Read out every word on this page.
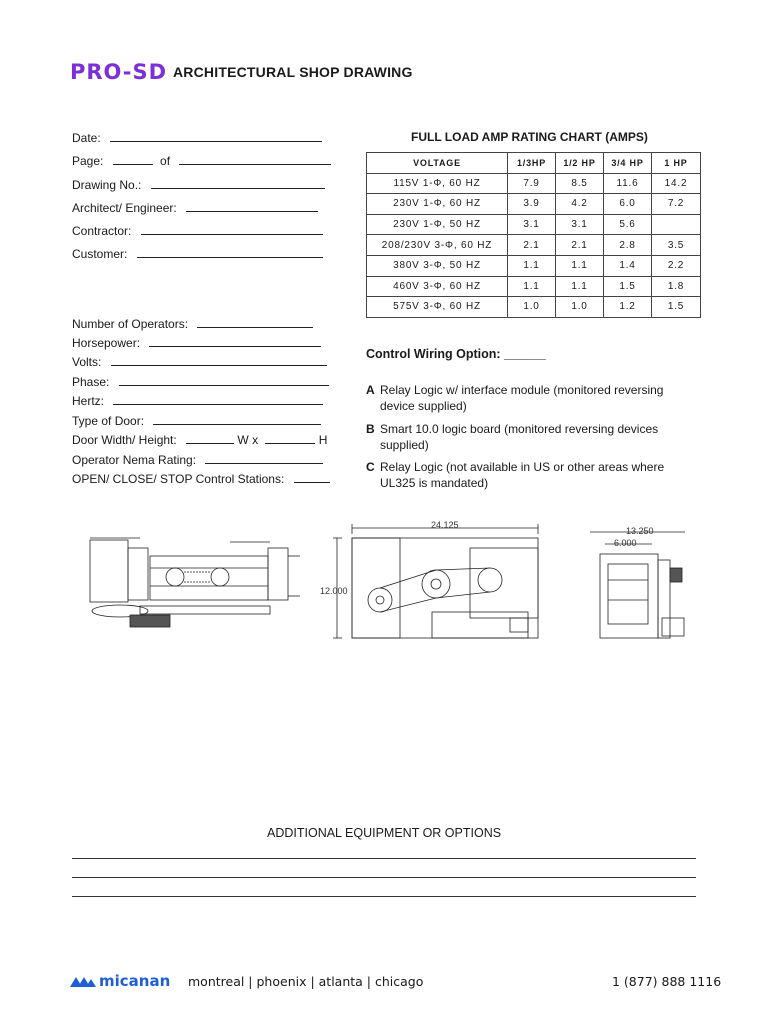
PRO-SD ARCHITECTURAL SHOP DRAWING
Date:
Page:	of
Drawing No.:
Architect/ Engineer:
Contractor:
Customer:
Number of Operators:
Horsepower:
Volts:
Phase:
Hertz:
Type of Door:
Door Width/ Height:	W x	H
Operator Nema Rating:
OPEN/ CLOSE/ STOP Control Stations:
FULL LOAD AMP RATING CHART (AMPS)
VOLTAGE	1/3HP	1/2 HP	3/4 HP	1 HP
115V 1-Φ, 60 HZ	7.9	8.5	11.6	14.2
230V 1-Φ, 60 HZ	3.9	4.2	6.0	7.2
230V 1-Φ, 50 HZ	3.1	3.1	5.6	
208/230V 3-Φ, 60 HZ	2.1	2.1	2.8	3.5
380V 3-Φ, 50 HZ	1.1	1.1	1.4	2.2
460V 3-Φ, 60 HZ	1.1	1.1	1.5	1.8
575V 3-Φ, 60 HZ	1.0	1.0	1.2	1.5
Control Wiring Option: ______
A Relay Logic w/ interface module (monitored reversing device supplied)
B Smart 10.0 logic board (monitored reversing devices supplied)
C Relay Logic (not available in US or other areas where UL325 is mandated)
24.125
12.000
13.250
6.000
ADDITIONAL EQUIPMENT OR OPTIONS
micanan montreal | phoenix | atlanta | chicago	1 (877) 888 1116
